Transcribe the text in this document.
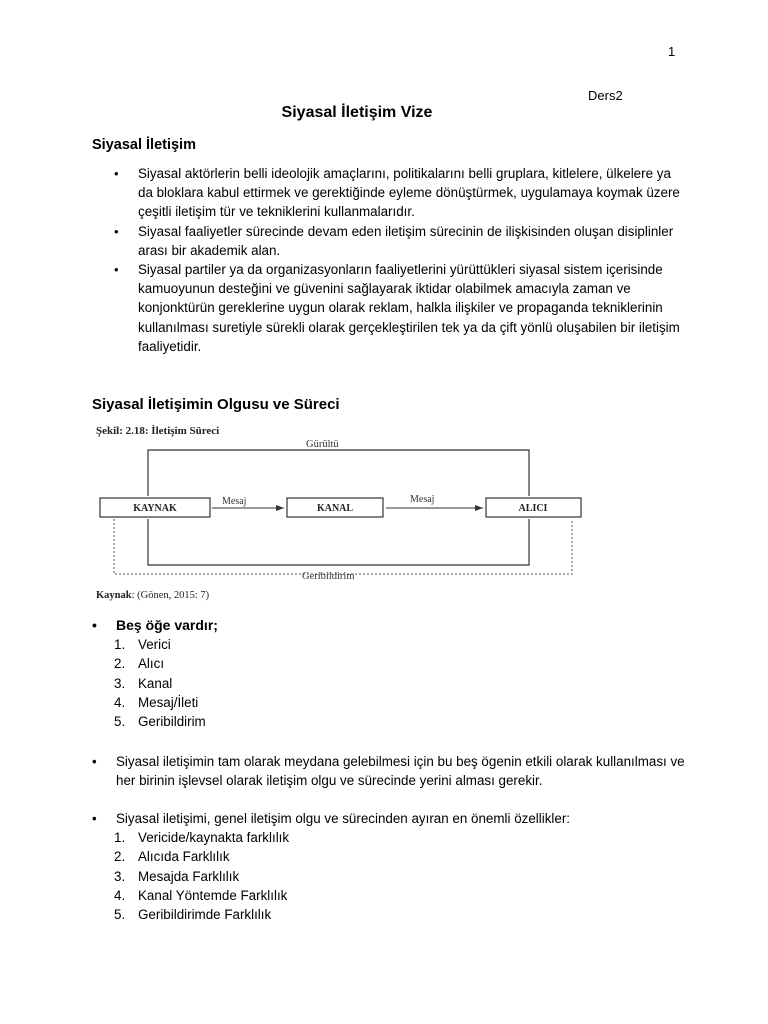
1
Ders2
Siyasal İletişim Vize
Siyasal İletişim
• Siyasal aktörlerin belli ideolojik amaçlarını, politikalarını belli gruplara, kitlelere, ülkelere ya da bloklara kabul ettirmek ve gerektiğinde eyleme dönüştürmek, uygulamaya koymak üzere çeşitli iletişim tür ve tekniklerini kullanmalarıdır.
• Siyasal faaliyetler sürecinde devam eden iletişim sürecinin de ilişkisinden oluşan disiplinler arası bir akademik alan.
• Siyasal partiler ya da organizasyonların faaliyetlerini yürüttükleri siyasal sistem içerisinde kamuoyunun desteğini ve güvenini sağlayarak iktidar olabilmek amacıyla zaman ve konjonktürün gereklerine uygun olarak reklam, halkla ilişkiler ve propaganda tekniklerinin kullanılması suretiyle sürekli olarak gerçekleştirilen tek ya da çift yönlü oluşabilen bir iletişim faaliyetidir.
Siyasal İletişimin Olgusu ve Süreci
Şekil: 2.18: İletişim Süreci
Gürültü
KAYNAK	KANAL	ALICI
Mesaj	Mesaj
Geribildirim
Kaynak: (Gönen, 2015: 7)
• Beş öğe vardır;
1. Verici
2. Alıcı
3. Kanal
4. Mesaj/İleti
5. Geribildirim
• Siyasal iletişimin tam olarak meydana gelebilmesi için bu beş ögenin etkili olarak kullanılması ve her birinin işlevsel olarak iletişim olgu ve sürecinde yerini alması gerekir.
• Siyasal iletişimi, genel iletişim olgu ve sürecinden ayıran en önemli özellikler:
1. Vericide/kaynakta farklılık
2. Alıcıda Farklılık
3. Mesajda Farklılık
4. Kanal Yöntemde Farklılık
5. Geribildirimde Farklılık
